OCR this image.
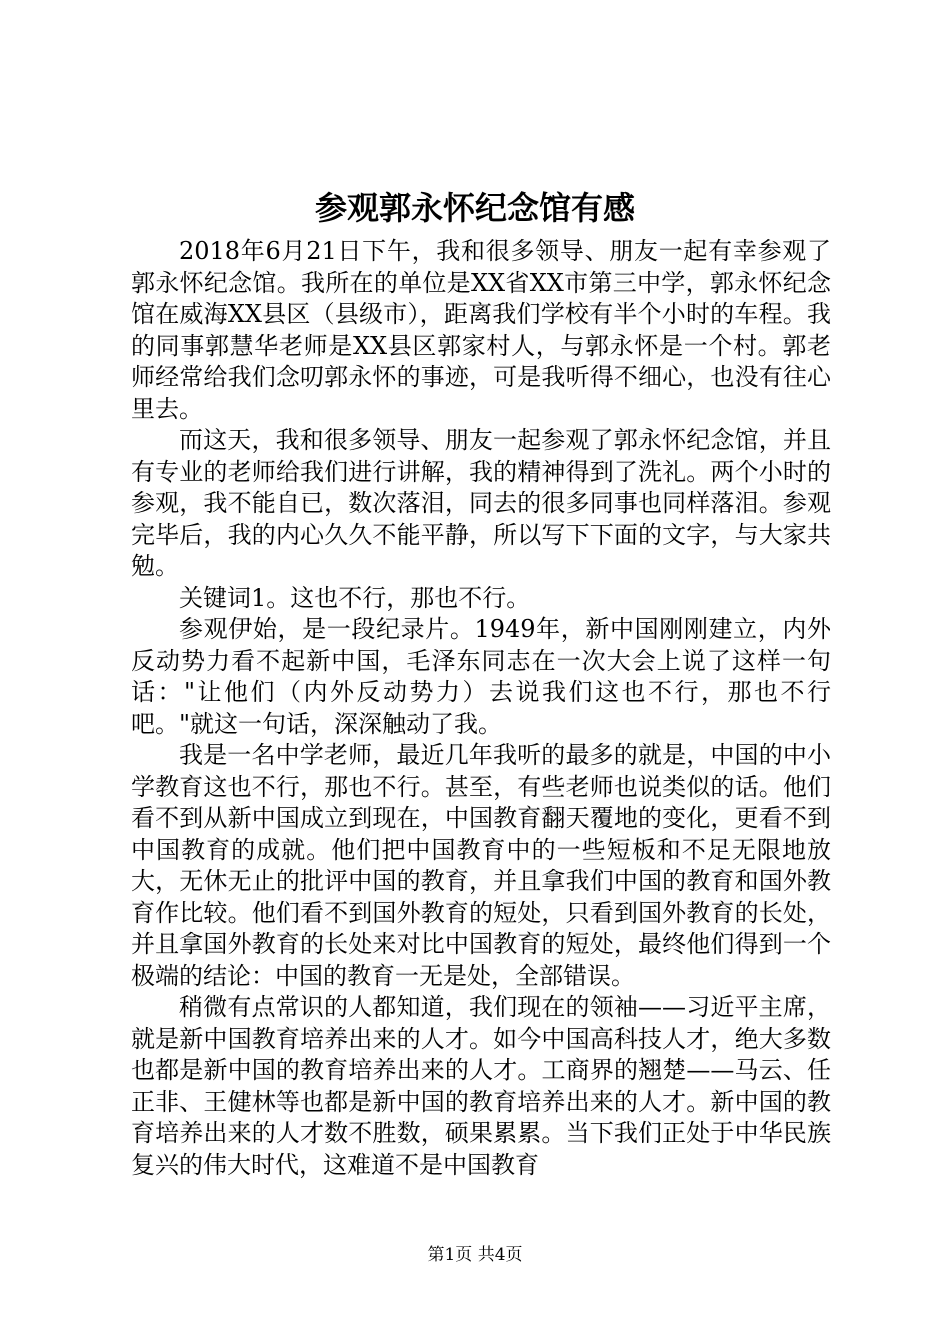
参观郭永怀纪念馆有感

2018年6月21日下午，我和很多领导、朋友一起有幸参观了郭永怀纪念馆。我所在的单位是XX省XX市第三中学，郭永怀纪念馆在威海XX县区（县级市），距离我们学校有半个小时的车程。我的同事郭慧华老师是XX县区郭家村人，与郭永怀是一个村。郭老师经常给我们念叨郭永怀的事迹，可是我听得不细心，也没有往心里去。

而这天，我和很多领导、朋友一起参观了郭永怀纪念馆，并且有专业的老师给我们进行讲解，我的精神得到了洗礼。两个小时的参观，我不能自已，数次落泪，同去的很多同事也同样落泪。参观完毕后，我的内心久久不能平静，所以写下下面的文字，与大家共勉。

关键词1。这也不行，那也不行。

参观伊始，是一段纪录片。1949年，新中国刚刚建立，内外反动势力看不起新中国，毛泽东同志在一次大会上说了这样一句话："让他们（内外反动势力）去说我们这也不行，那也不行吧。"就这一句话，深深触动了我。

我是一名中学老师，最近几年我听的最多的就是，中国的中小学教育这也不行，那也不行。甚至，有些老师也说类似的话。他们看不到从新中国成立到现在，中国教育翻天覆地的变化，更看不到中国教育的成就。他们把中国教育中的一些短板和不足无限地放大，无休无止的批评中国的教育，并且拿我们中国的教育和国外教育作比较。他们看不到国外教育的短处，只看到国外教育的长处，并且拿国外教育的长处来对比中国教育的短处，最终他们得到一个极端的结论：中国的教育一无是处，全部错误。

稍微有点常识的人都知道，我们现在的领袖——习近平主席，就是新中国教育培养出来的人才。如今中国高科技人才，绝大多数也都是新中国的教育培养出来的人才。工商界的翘楚——马云、任正非、王健林等也都是新中国的教育培养出来的人才。新中国的教育培养出来的人才数不胜数，硕果累累。当下我们正处于中华民族复兴的伟大时代，这难道不是中国教育

第1页 共4页
